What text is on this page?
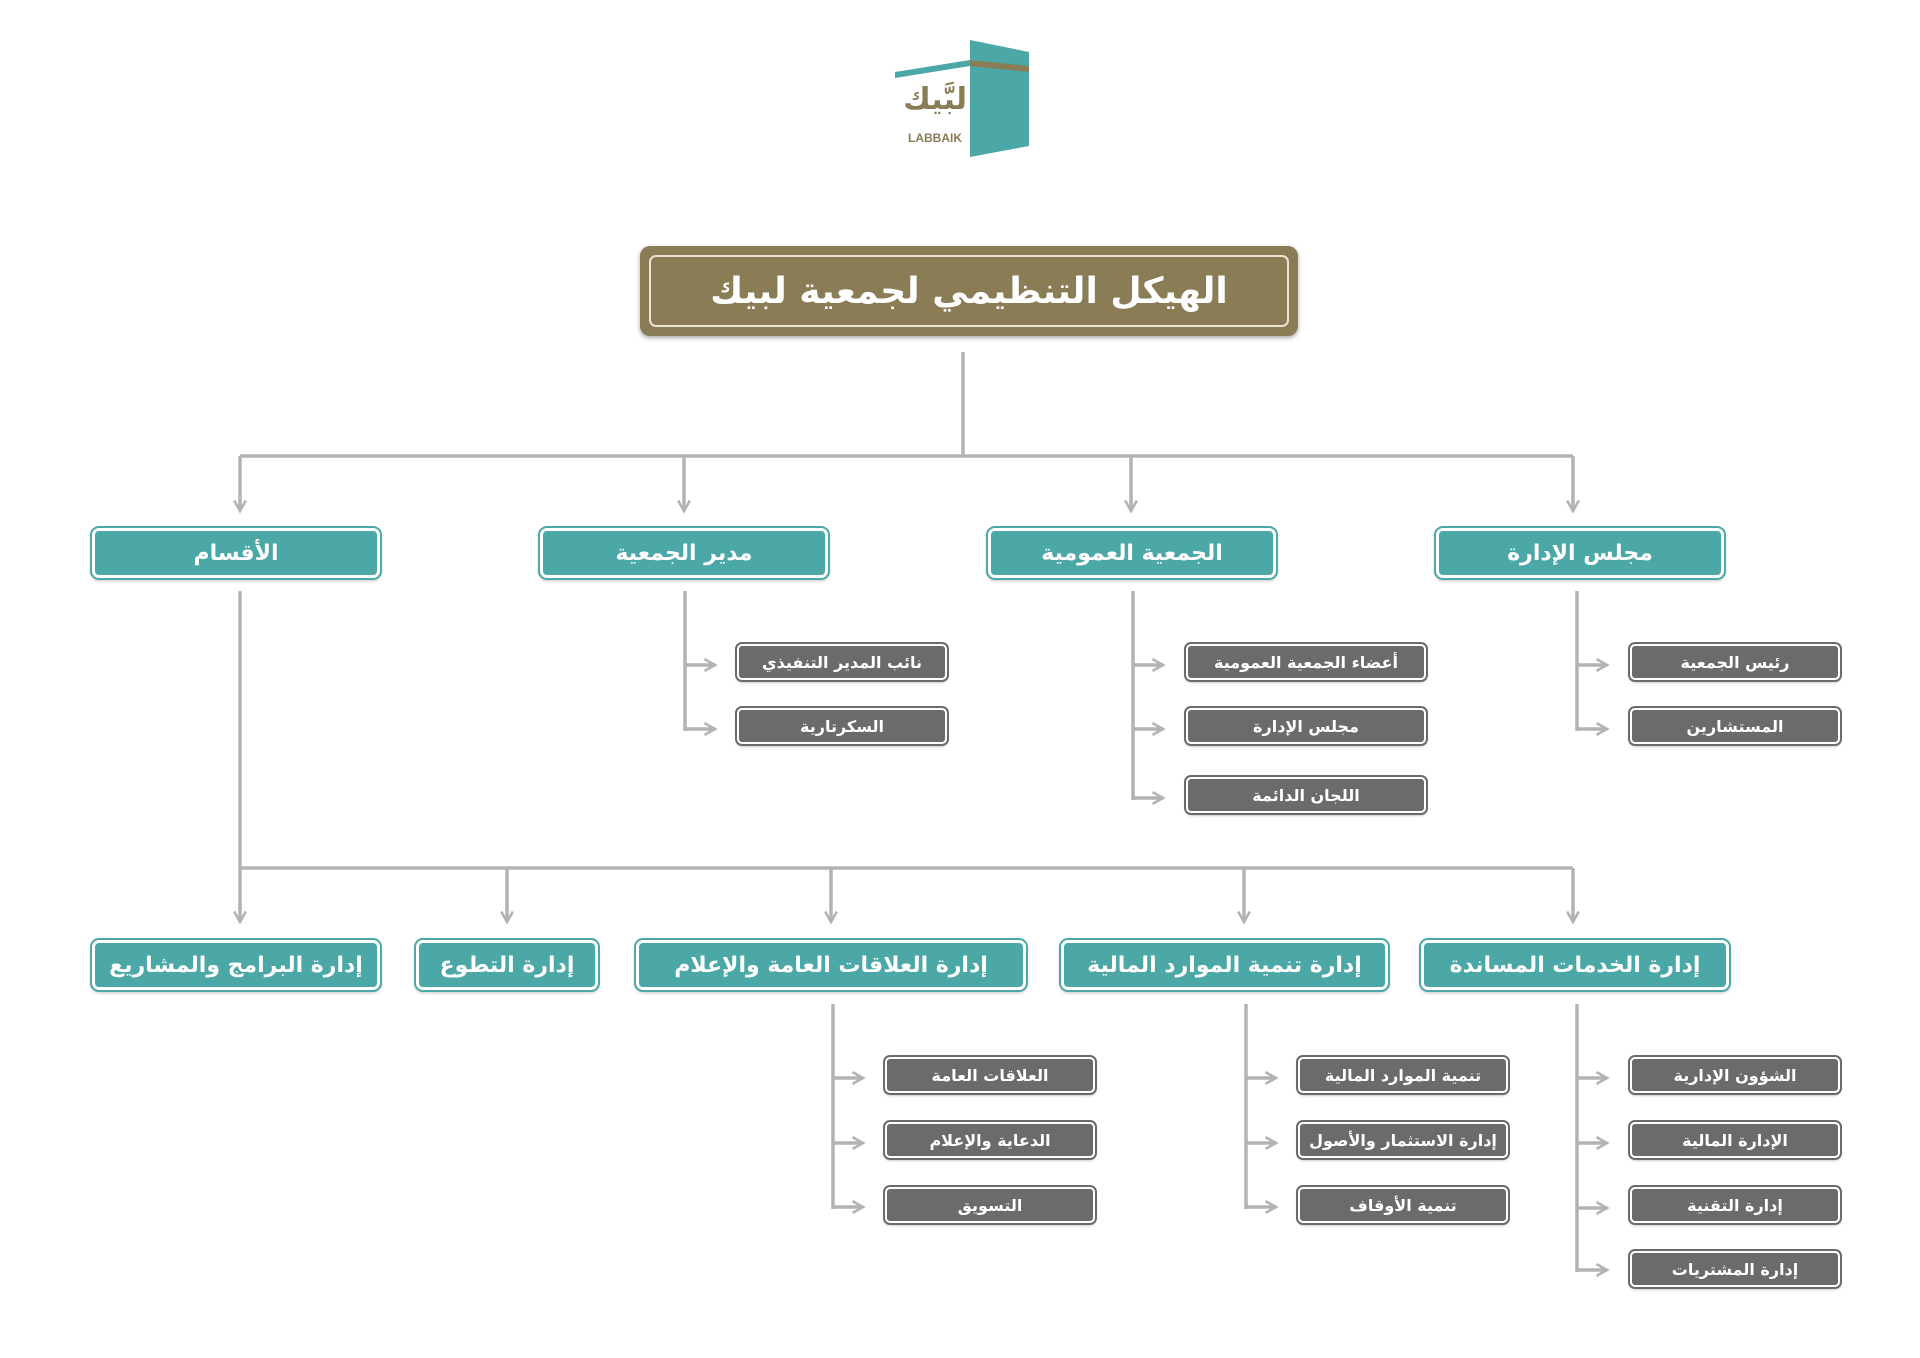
لبَّيك
LABBAIK
الهيكل التنظيمي لجمعية لبيك
مجلس الإدارة
الجمعية العمومية
مدير الجمعية
الأقسام
رئيس الجمعية
المستشارين
أعضاء الجمعية العمومية
مجلس الإدارة
اللجان الدائمة
نائب المدير التنفيذي
السكرتارية
إدارة الخدمات المساندة
إدارة تنمية الموارد المالية
إدارة العلاقات العامة والإعلام
إدارة التطوع
إدارة البرامج والمشاريع
الشؤون الإدارية
الإدارة المالية
إدارة التقنية
إدارة المشتريات
تنمية الموارد المالية
إدارة الاستثمار والأصول
تنمية الأوقاف
العلاقات العامة
الدعاية والإعلام
التسويق
